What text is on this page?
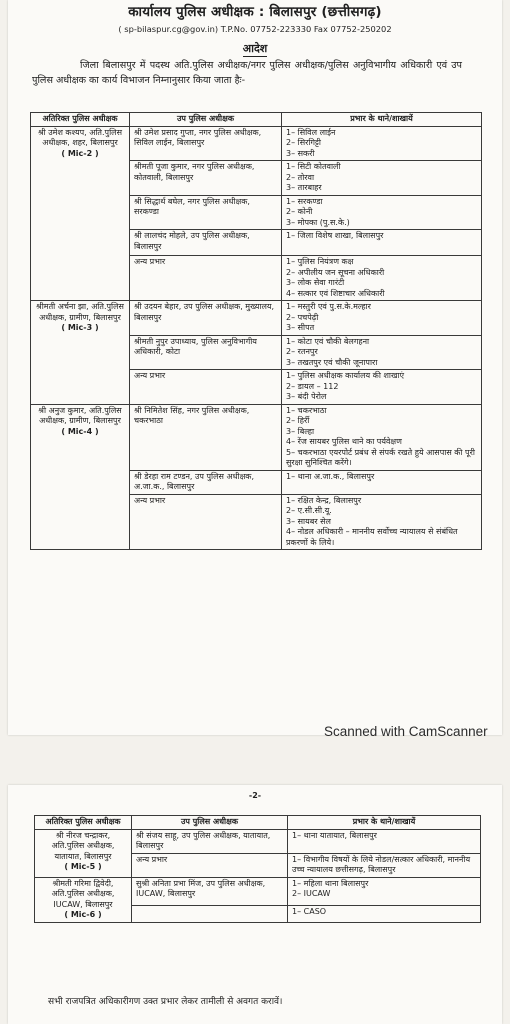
कार्यालय पुलिस अधीक्षक : बिलासपुर (छत्तीसगढ़)
( sp-bilaspur.cg@gov.in) T.P.No. 07752-223330 Fax 07752-250202
आदेश
जिला बिलासपुर में पदस्थ अति.पुलिस अधीक्षक/नगर पुलिस अधीक्षक/पुलिस अनुविभागीय अधिकारी एवं उप पुलिस अधीक्षक का कार्य विभाजन निम्नानुसार किया जाता हैः-
अतिरिक्त पुलिस अधीक्षक	उप पुलिस अधीक्षक	प्रभार के थाने/शाखायें
श्री उमेश कश्यप, अति.पुलिस अधीक्षक, शहर, बिलासपुर
( Mic-2 )	श्री उमेश प्रसाद गुप्ता, नगर पुलिस अधीक्षक, सिविल लाईन, बिलासपुर	1– सिविल लाईन
2– सिरगिट्टी
3– सकरी

	श्रीमती पूजा कुमार, नगर पुलिस अधीक्षक, कोतवाली, बिलासपुर	1– सिटी कोतवाली
2– तोरवा
3– तारबाहर

	श्री सिद्धार्थ बघेल, नगर पुलिस अधीक्षक, सरकण्डा	1– सरकण्डा
2– कोनी
3– मोपका (पु.स.के.)

	श्री लालचंद मोहले, उप पुलिस अधीक्षक, बिलासपुर	1– जिला विशेष शाखा, बिलासपुर

	अन्य प्रभार	1– पुलिस नियंत्रण कक्ष
2– अपीलीय जन सूचना अधिकारी
3– लोक सेवा गारंटी
4– सत्कार एवं शिष्टाचार अधिकारी

श्रीमती अर्चना झा, अति.पुलिस अधीक्षक, ग्रामीण, बिलासपुर
( Mic-3 )	श्री उदयन बेहार, उप पुलिस अधीक्षक, मुख्यालय, बिलासपुर	1– मस्तुरी एवं पु.स.के.मल्हार
2– पचपेढ़ी
3– सीपत

	श्रीमती नुपुर उपाध्याय, पुलिस अनुविभागीय अधिकारी, कोटा	1– कोटा एवं चौकी बेलगहना
2– रतनपुर
3– तखतपुर एवं चौकी जूनापारा

	अन्य प्रभार	1– पुलिस अधीक्षक कार्यालय की शाखाएं
2– डायल – 112
3– बंदी पेरोल

श्री अनुज कुमार, अति.पुलिस अधीक्षक, ग्रामीण, बिलासपुर
( Mic-4 )	श्री निमितेश सिंह, नगर पुलिस अधीक्षक, चकरभाठा	1– चकरभाठा
2– हिर्री
3– बिल्हा
4– रेंज सायबर पुलिस थाने का पर्यवेक्षण
5– चकरभाठा एयरपोर्ट प्रबंध से संपर्क रखते हुये आसपास की पूरी सुरक्षा सुनिश्चित करेंगे।

	श्री डेरहा राम टण्डन, उप पुलिस अधीक्षक, अ.जा.क., बिलासपुर	1– थाना अ.जा.क., बिलासपुर

	अन्य प्रभार	1– रक्षित केन्द्र, बिलासपुर
2– ए.सी.सी.यू.
3– सायबर सेल
4– नोडल अधिकारी – माननीय सर्वोच्च न्यायालय से संबंधित प्रकरणों के लिये।
Scanned with CamScanner
-2-
अतिरिक्त पुलिस अधीक्षक	उप पुलिस अधीक्षक	प्रभार के थाने/शाखायें
श्री नीरज चन्द्राकर, अति.पुलिस अधीक्षक, यातायात, बिलासपुर
( Mic-5 )	श्री संजय साहू, उप पुलिस अधीक्षक, यातायात, बिलासपुर	1– थाना यातायात, बिलासपुर

	अन्य प्रभार	1– विभागीय विषयों के लिये नोडल/सत्कार अधिकारी, माननीय उच्च न्यायालय छत्तीसगढ़, बिलासपुर

श्रीमती गरिमा द्विवेदी, अति.पुलिस अधीक्षक, IUCAW, बिलासपुर
( Mic-6 )	सुश्री अनिता प्रभा मिंज, उप पुलिस अधीक्षक, IUCAW, बिलासपुर	1– महिला थाना बिलासपुर
2– IUCAW

		1– CASO
सभी राजपत्रित अधिकारीगण उक्त प्रभार लेकर तामीली से अवगत करावें।
